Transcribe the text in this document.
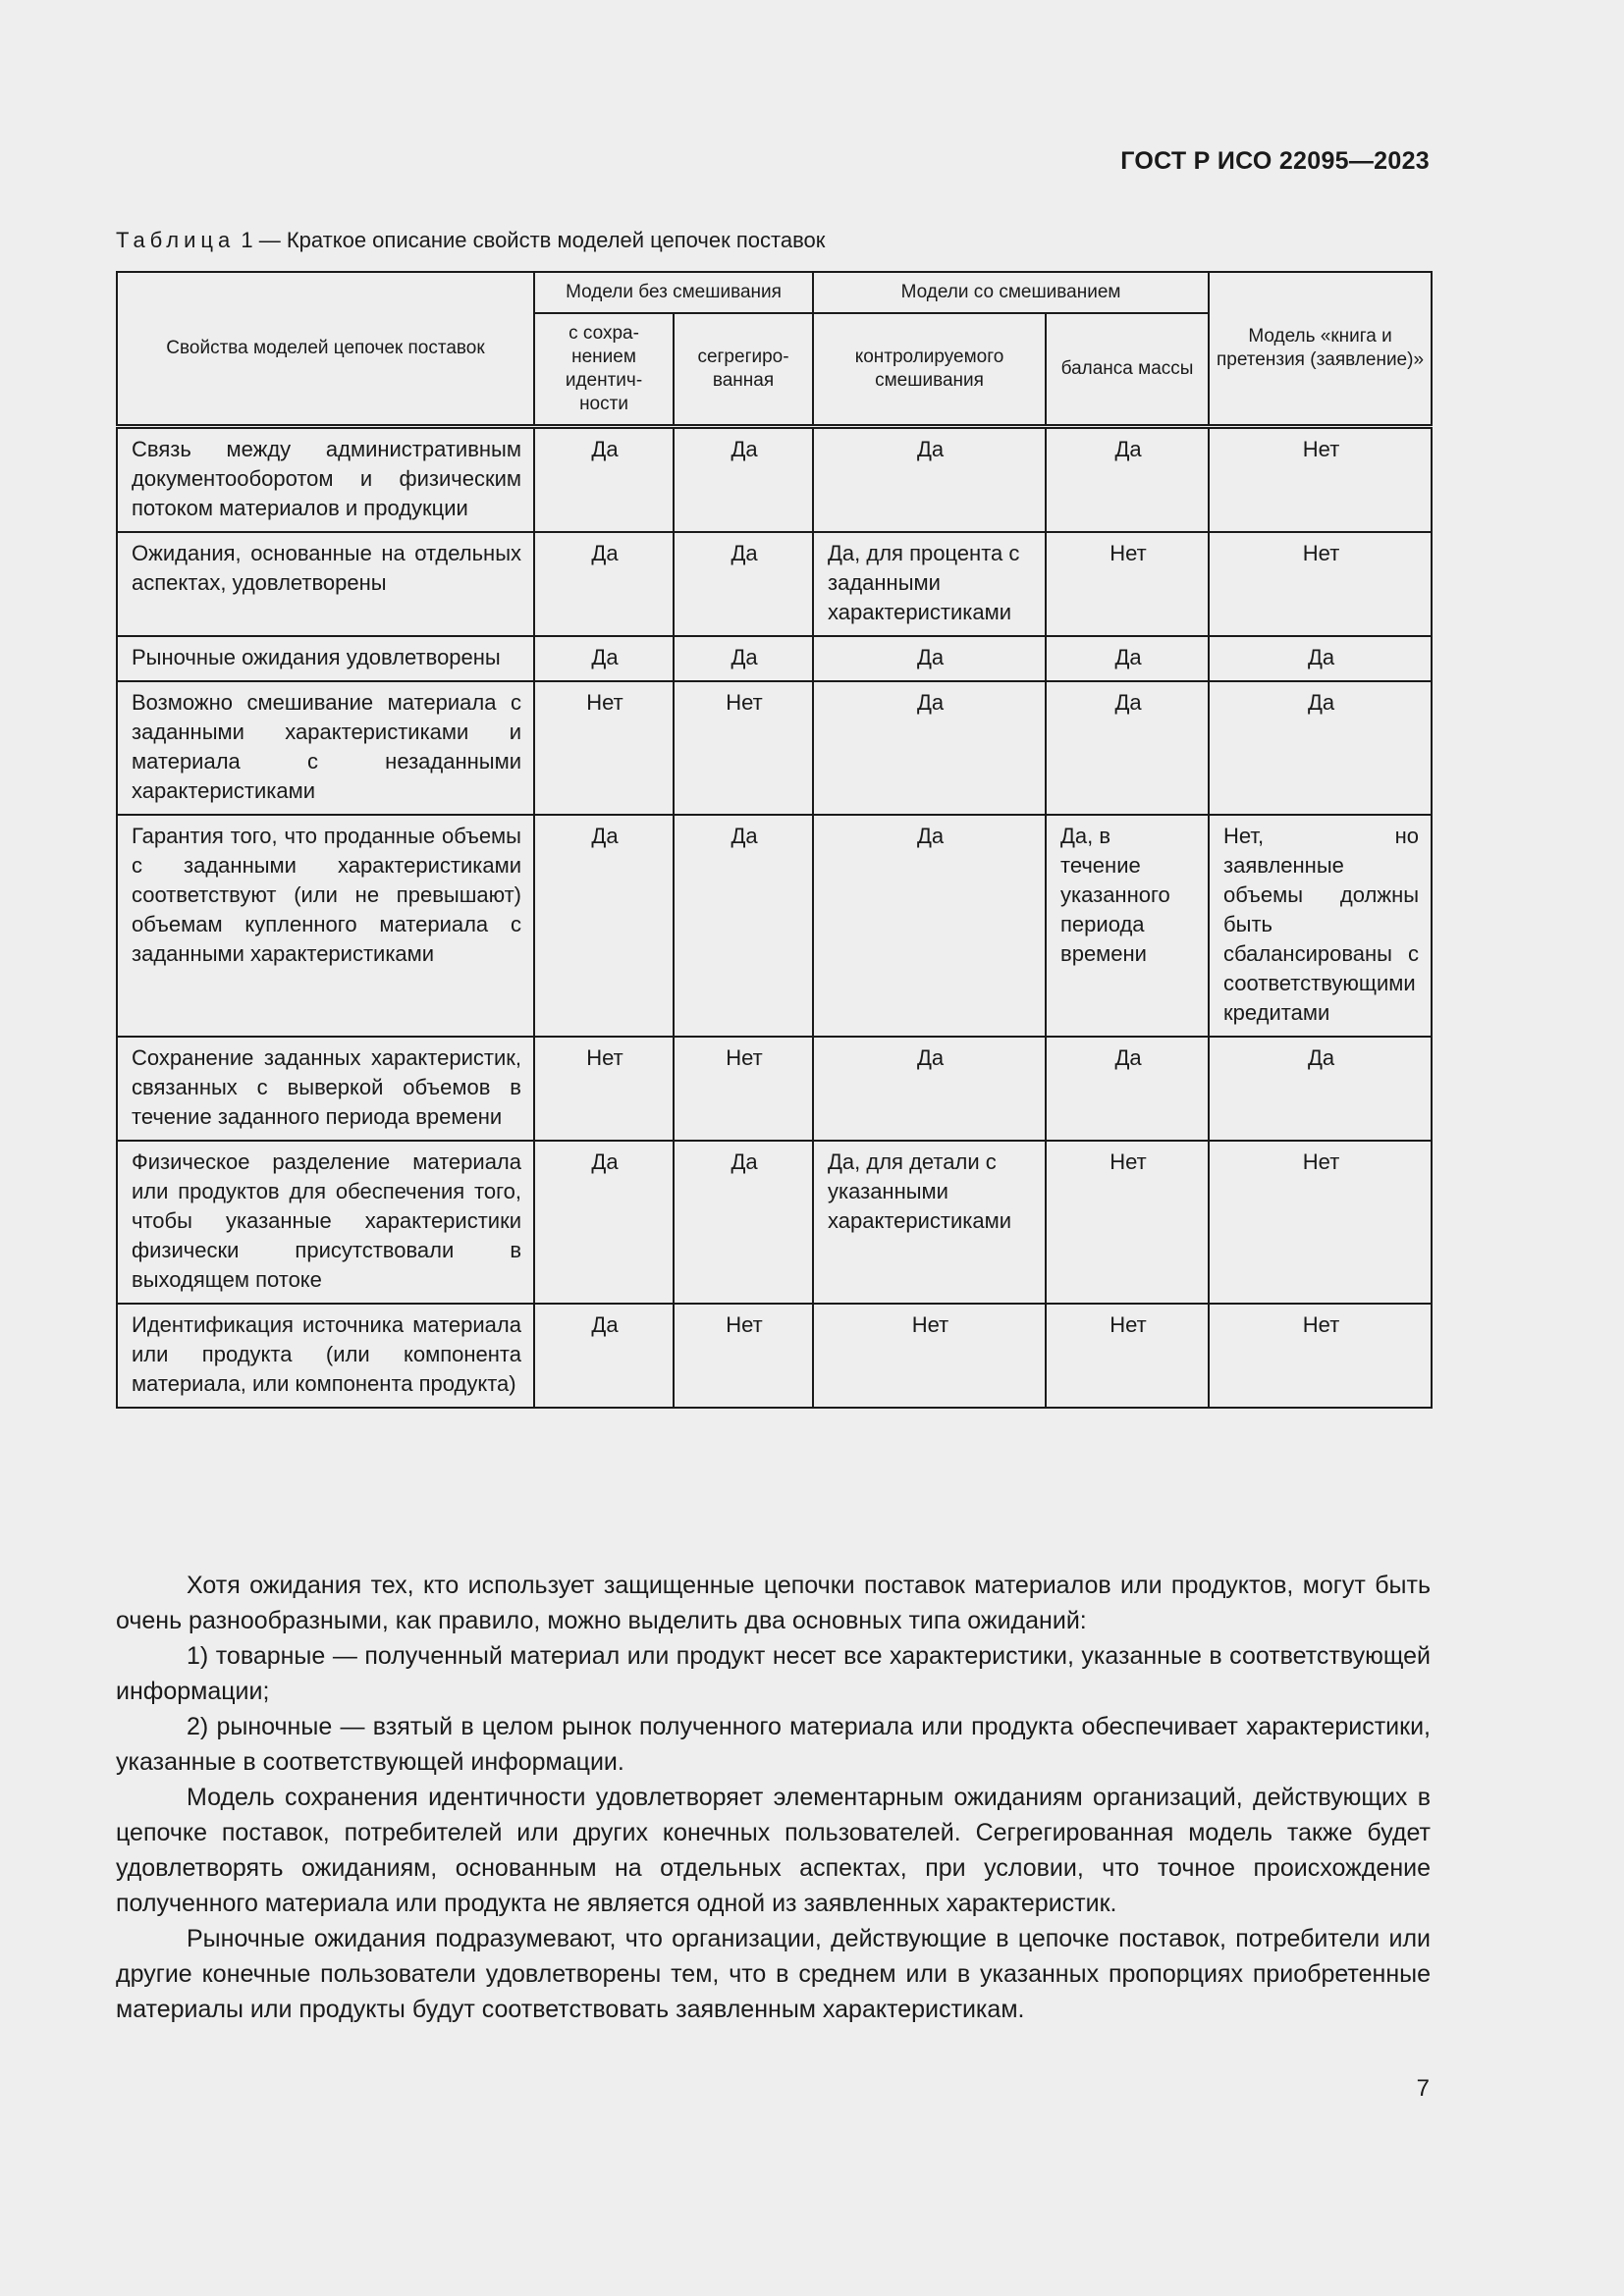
ГОСТ Р ИСО 22095—2023
Таблица 1 — Краткое описание свойств моделей цепочек поставок
Свойства моделей цепочек поставок	Модели без смешивания		Модели со смешиванием		Модель «книга и претензия (заявление)»
	с сохра-нением идентич-ности	сегрегиро-ванная	контролируемого смешивания	баланса массы	
Связь между административным документооборотом и физическим потоком материалов и продукции	Да	Да	Да	Да	Нет
Ожидания, основанные на отдельных аспектах, удовлетворены	Да	Да	Да, для процента с заданными характеристиками	Нет	Нет
Рыночные ожидания удовлетворены	Да	Да	Да	Да	Да
Возможно смешивание материала с заданными характеристиками и материала с незаданными характеристиками	Нет	Нет	Да	Да	Да
Гарантия того, что проданные объемы с заданными характеристиками соответствуют (или не превышают) объемам купленного материала с заданными характеристиками	Да	Да	Да	Да, в течение указанного периода времени	Нет, но заявленные объемы должны быть сбалансированы с соответствующими кредитами
Сохранение заданных характеристик, связанных с выверкой объемов в течение заданного периода времени	Нет	Нет	Да	Да	Да
Физическое разделение материала или продуктов для обеспечения того, чтобы указанные характеристики физически присутствовали в выходящем потоке	Да	Да	Да, для детали с указанными характеристиками	Нет	Нет
Идентификация источника материала или продукта (или компонента материала, или компонента продукта)	Да	Нет	Нет	Нет	Нет

Хотя ожидания тех, кто использует защищенные цепочки поставок материалов или продуктов, могут быть очень разнообразными, как правило, можно выделить два основных типа ожиданий:

1) товарные — полученный материал или продукт несет все характеристики, указанные в соответствующей информации;

2) рыночные — взятый в целом рынок полученного материала или продукта обеспечивает характеристики, указанные в соответствующей информации.

Модель сохранения идентичности удовлетворяет элементарным ожиданиям организаций, действующих в цепочке поставок, потребителей или других конечных пользователей. Сегрегированная модель также будет удовлетворять ожиданиям, основанным на отдельных аспектах, при условии, что точное происхождение полученного материала или продукта не является одной из заявленных характеристик.

Рыночные ожидания подразумевают, что организации, действующие в цепочке поставок, потребители или другие конечные пользователи удовлетворены тем, что в среднем или в указанных пропорциях приобретенные материалы или продукты будут соответствовать заявленным характеристикам.

7
